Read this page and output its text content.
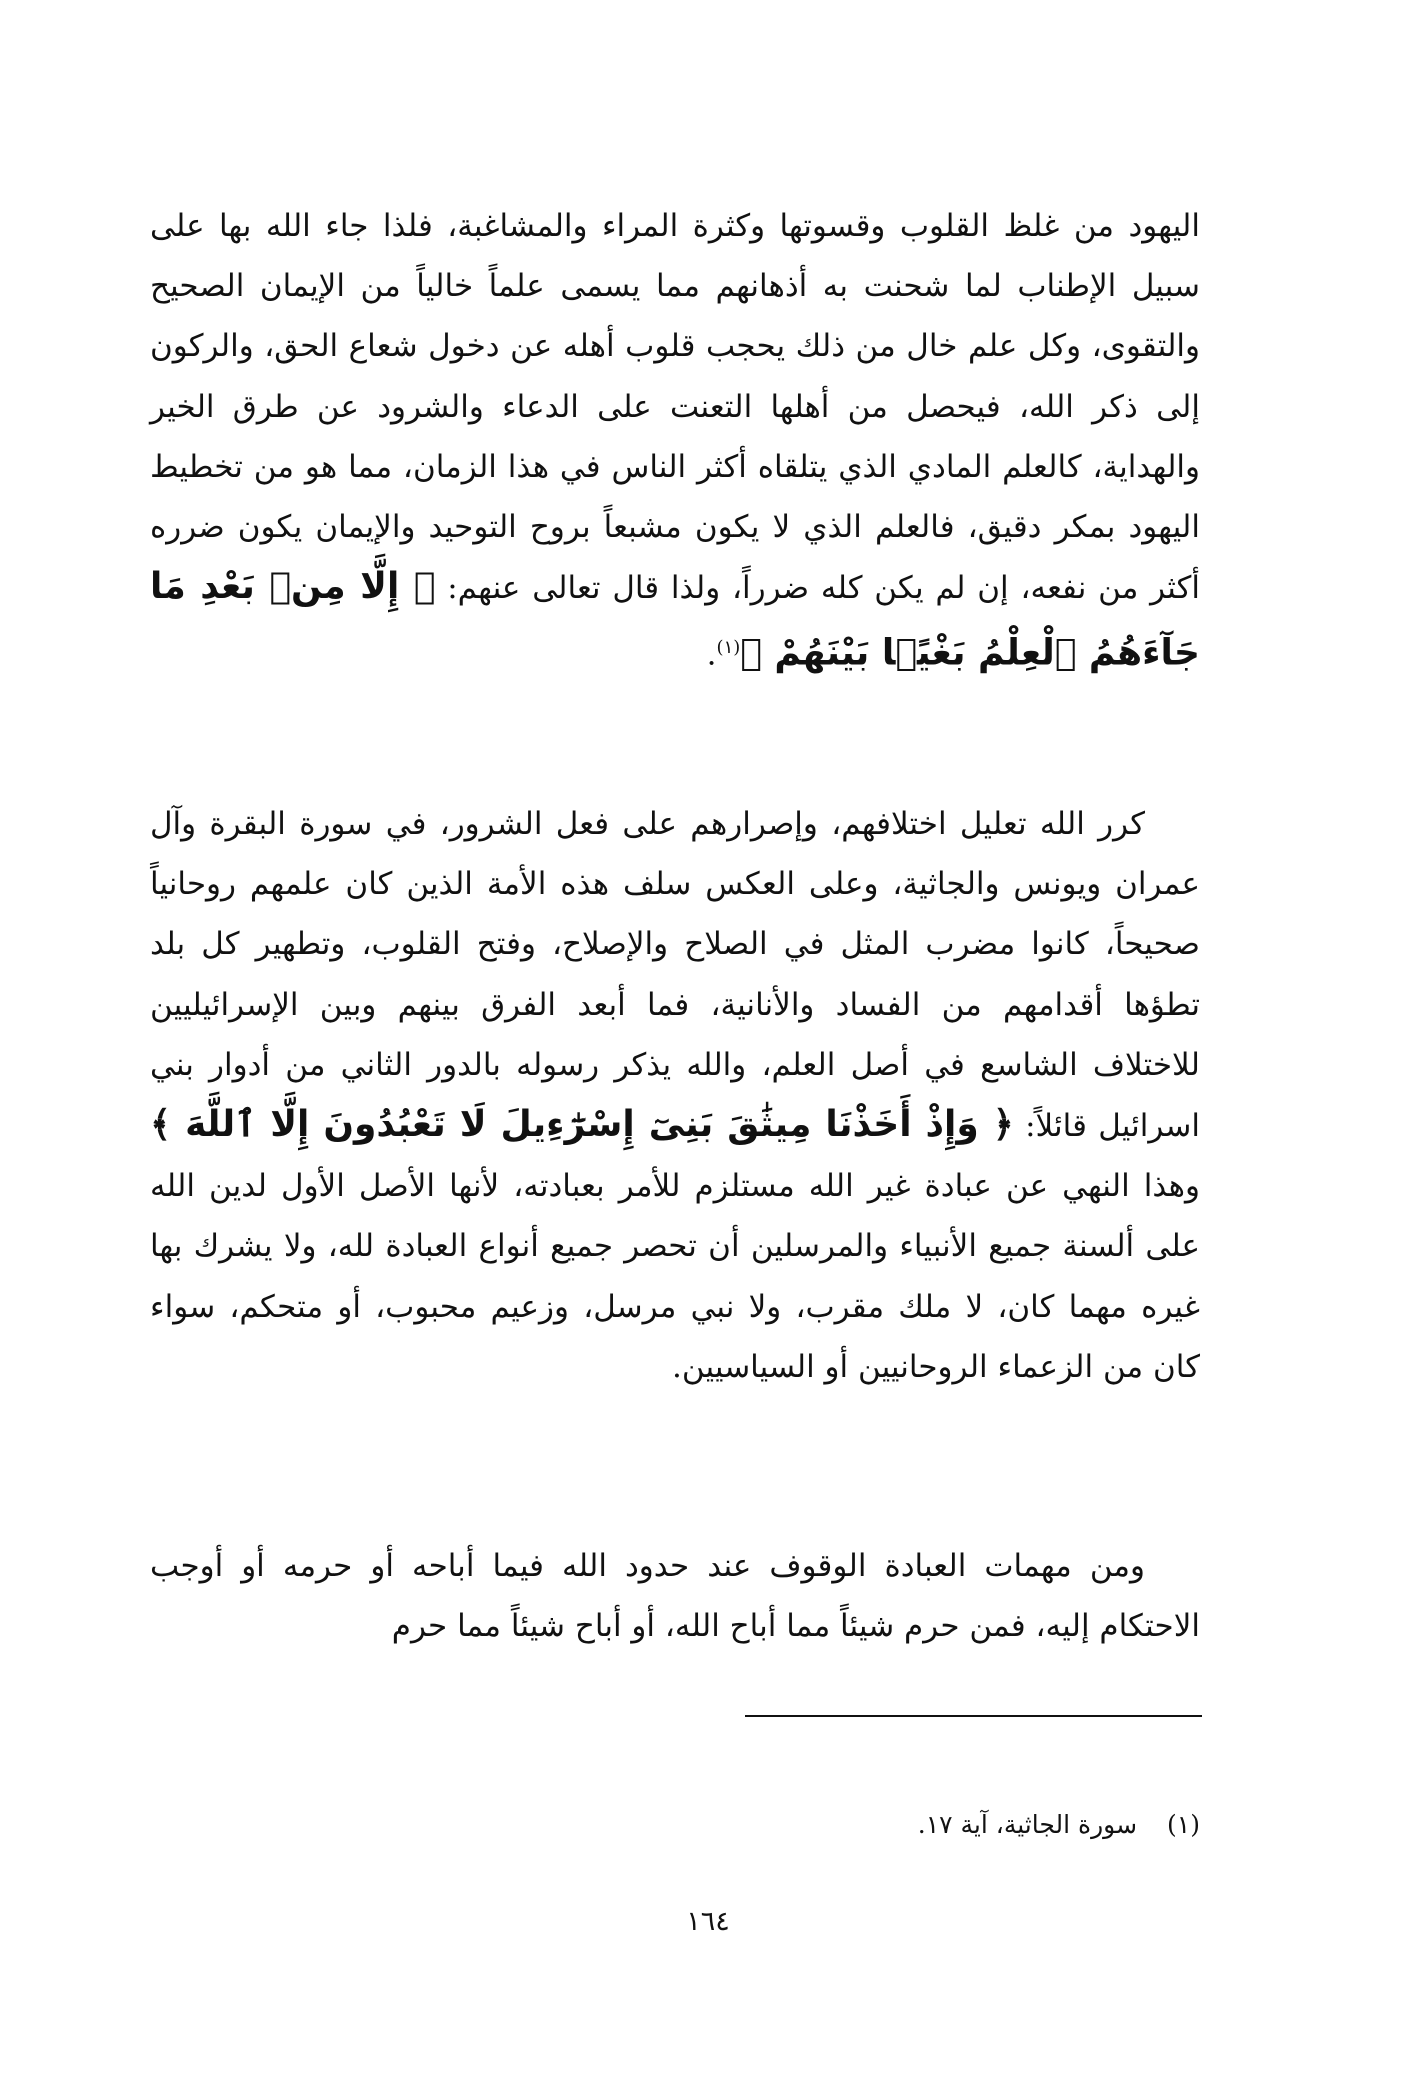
اليهود من غلظ القلوب وقسوتها وكثرة المراء والمشاغبة، فلذا جاء الله بها على سبيل الإطناب لما شحنت به أذهانهم مما يسمى علماً خالياً من الإيمان الصحيح والتقوى، وكل علم خال من ذلك يحجب قلوب أهله عن دخول شعاع الحق، والركون إلى ذكر الله، فيحصل من أهلها التعنت على الدعاء والشرود عن طرق الخير والهداية، كالعلم المادي الذي يتلقاه أكثر الناس في هذا الزمان، مما هو من تخطيط اليهود بمكر دقيق، فالعلم الذي لا يكون مشبعاً بروح التوحيد والإيمان يكون ضرره أكثر من نفعه، إن لم يكن كله ضرراً، ولذا قال تعالى عنهم: ﴿ إِلَّا مِنۢ بَعْدِ مَا جَآءَهُمُ ٱلْعِلْمُ بَغْيًۢا بَيْنَهُمْ ﴾$^{(١)}$.
كرر الله تعليل اختلافهم، وإصرارهم على فعل الشرور، في سورة البقرة وآل عمران ويونس والجاثية، وعلى العكس سلف هذه الأمة الذين كان علمهم روحانياً صحيحاً، كانوا مضرب المثل في الصلاح والإصلاح، وفتح القلوب، وتطهير كل بلد تطؤها أقدامهم من الفساد والأنانية، فما أبعد الفرق بينهم وبين الإسرائيليين للاختلاف الشاسع في أصل العلم، والله يذكر رسوله بالدور الثاني من أدوار بني اسرائيل قائلاً: ﴿ وَإِذْ أَخَذْنَا مِيثَٰقَ بَنِىٓ إِسْرَٰٓءِيلَ لَا تَعْبُدُونَ إِلَّا ٱللَّهَ ﴾ وهذا النهي عن عبادة غير الله مستلزم للأمر بعبادته، لأنها الأصل الأول لدين الله على ألسنة جميع الأنبياء والمرسلين أن تحصر جميع أنواع العبادة لله، ولا يشرك بها غيره مهما كان، لا ملك مقرب، ولا نبي مرسل، وزعيم محبوب، أو متحكم، سواء كان من الزعماء الروحانيين أو السياسيين.
ومن مهمات العبادة الوقوف عند حدود الله فيما أباحه أو حرمه أو أوجب الاحتكام إليه، فمن حرم شيئاً مما أباح الله، أو أباح شيئاً مما حرم
(١)سورة الجاثية، آية ١٧.
١٦٤
